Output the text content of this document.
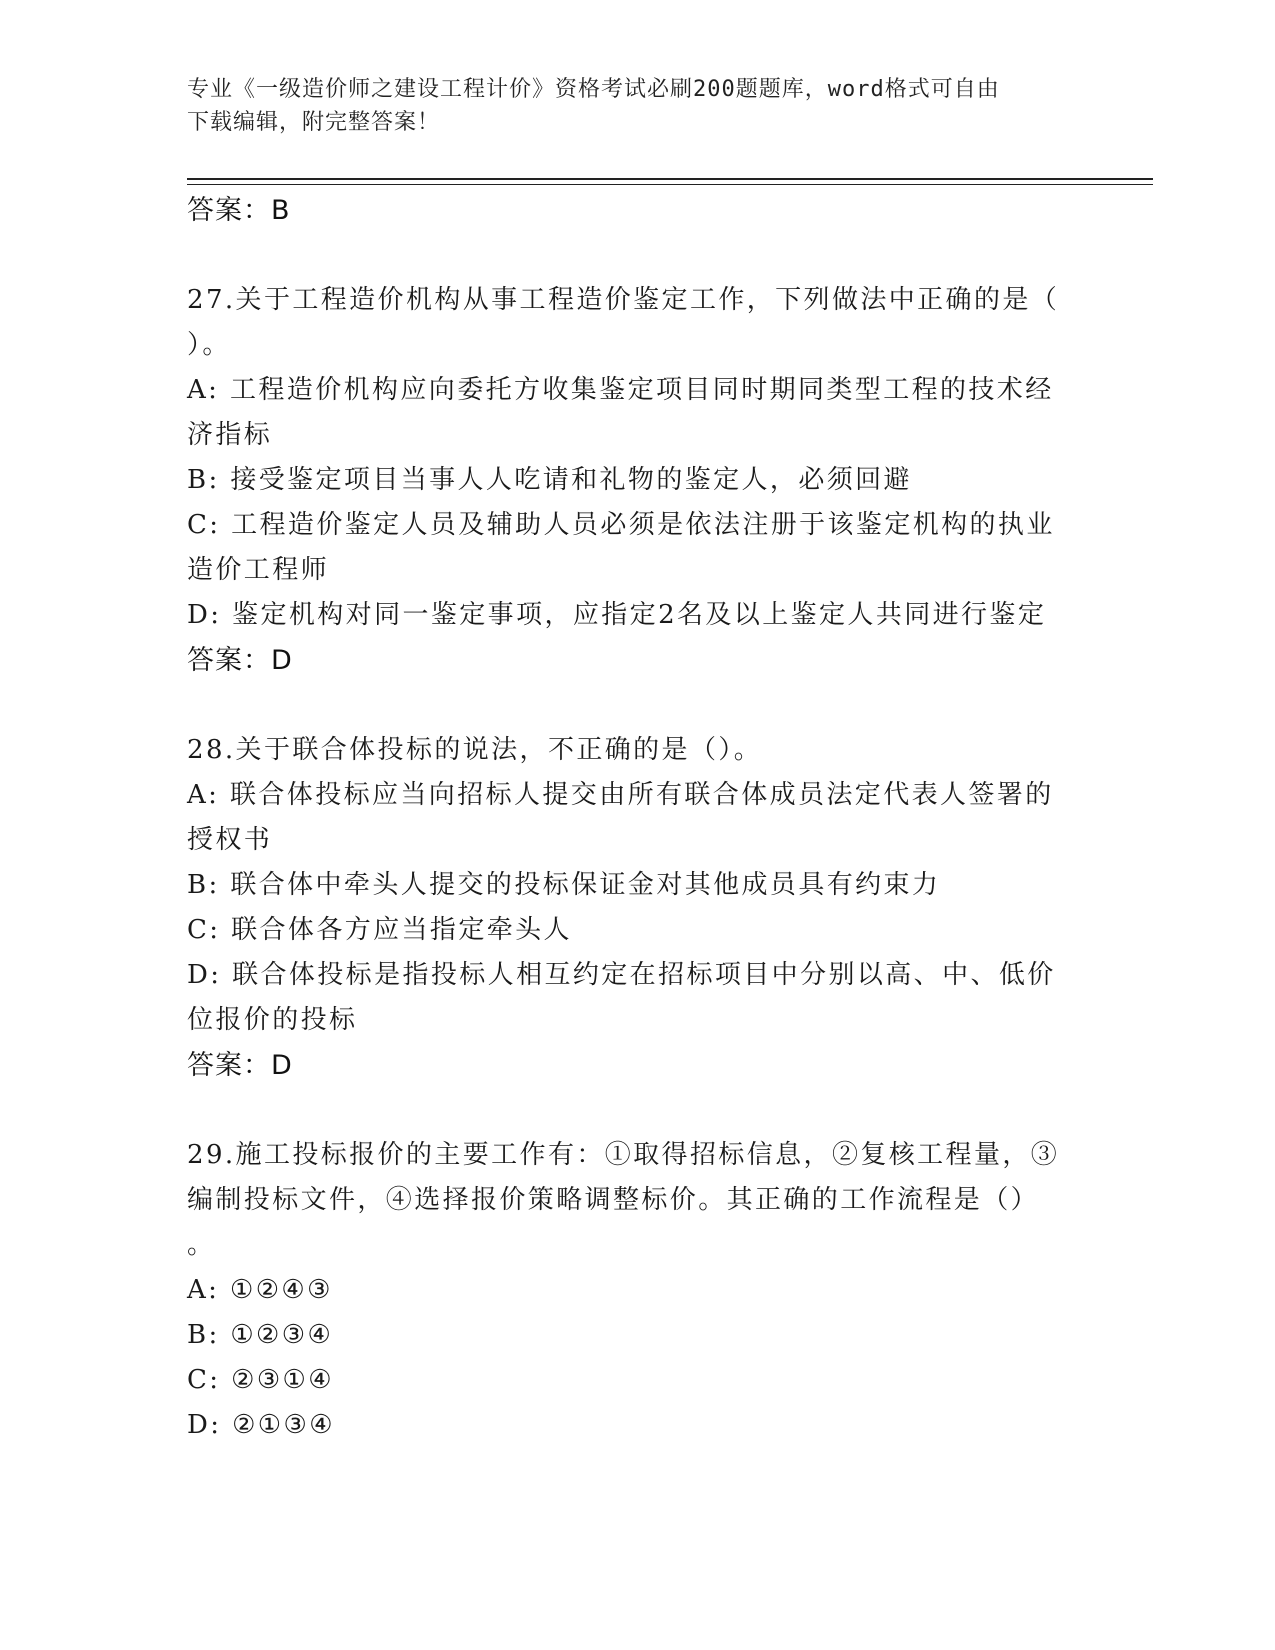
专业《一级造价师之建设工程计价》资格考试必刷200题题库，word格式可自由
下载编辑，附完整答案！
答案：B
27.关于工程造价机构从事工程造价鉴定工作，下列做法中正确的是（
）。
A: 工程造价机构应向委托方收集鉴定项目同时期同类型工程的技术经
济指标
B: 接受鉴定项目当事人人吃请和礼物的鉴定人，必须回避
C: 工程造价鉴定人员及辅助人员必须是依法注册于该鉴定机构的执业
造价工程师
D: 鉴定机构对同一鉴定事项，应指定2名及以上鉴定人共同进行鉴定
答案：D
28.关于联合体投标的说法，不正确的是（）。
A: 联合体投标应当向招标人提交由所有联合体成员法定代表人签署的
授权书
B: 联合体中牵头人提交的投标保证金对其他成员具有约束力
C: 联合体各方应当指定牵头人
D: 联合体投标是指投标人相互约定在招标项目中分别以高、中、低价
位报价的投标
答案：D
29.施工投标报价的主要工作有：①取得招标信息，②复核工程量，③
编制投标文件，④选择报价策略调整标价。其正确的工作流程是（）
。
A: ①②④③
B: ①②③④
C: ②③①④
D: ②①③④
